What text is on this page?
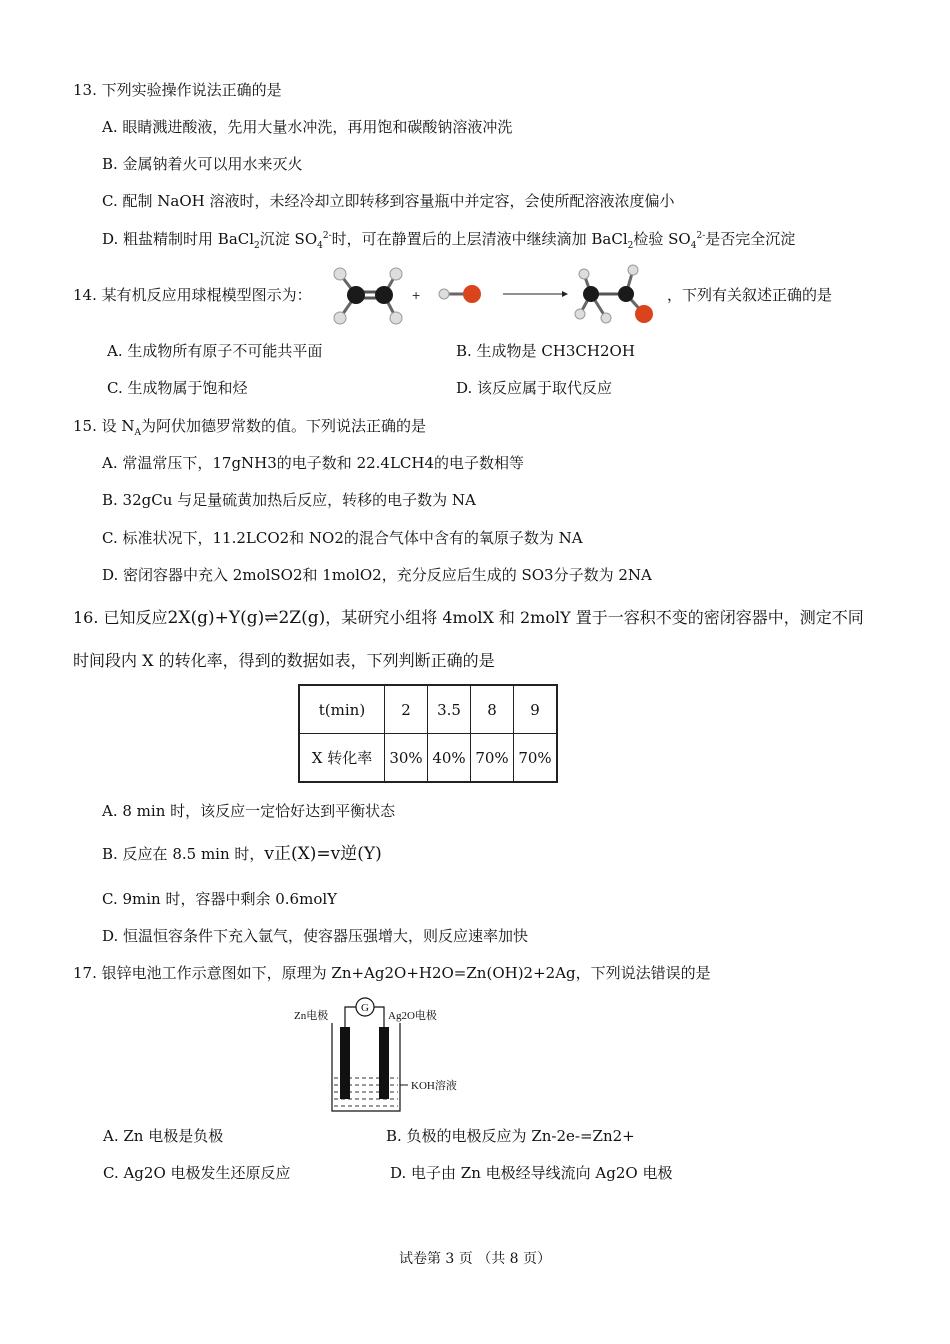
13. 下列实验操作说法正确的是
A. 眼睛溅进酸液，先用大量水冲洗，再用饱和碳酸钠溶液冲洗
B. 金属钠着火可以用水来灭火
C. 配制 NaOH 溶液时，未经冷却立即转移到容量瓶中并定容，会使所配溶液浓度偏小
D. 粗盐精制时用 BaCl$_2$沉淀 $SO_4^{2-}$时，可在静置后的上层清液中继续滴加 BaCl$_2$检验 $SO_4^{2-}$是否完全沉淀
14. 某有机反应用球棍模型图示为：	+	，下列有关叙述正确的是
A. 生成物所有原子不可能共平面	B. 生成物是 CH3CH2OH
C. 生成物属于饱和烃	D. 该反应属于取代反应
15. 设 $N_A$为阿伏加德罗常数的值。下列说法正确的是
A. 常温常压下，17gNH3的电子数和 22.4LCH4的电子数相等
B. 32gCu 与足量硫黄加热后反应，转移的电子数为 NA
C. 标准状况下，11.2LCO2和 NO2的混合气体中含有的氧原子数为 NA
D. 密闭容器中充入 2molSO2和 1molO2，充分反应后生成的 SO3分子数为 2NA
16. 已知反应2X(g)+Y(g)⇌2Z(g)，某研究小组将 4molX 和 2molY 置于一容积不变的密闭容器中，测定不同
时间段内 X 的转化率，得到的数据如表，下列判断正确的是
t(min)	2	3.5	8	9
X 转化率	30%	40%	70%	70%
A. 8 min 时，该反应一定恰好达到平衡状态
B. 反应在 8.5 min 时，v正(X)=v逆(Y)
C. 9min 时，容器中剩余 0.6molY
D. 恒温恒容条件下充入氩气，使容器压强增大，则反应速率加快
17. 银锌电池工作示意图如下，原理为 Zn+Ag2O+H2O=Zn(OH)2+2Ag，下列说法错误的是
Zn电极	Ag2O电极
G
KOH溶液
A. Zn 电极是负极	B. 负极的电极反应为 Zn-2e-=Zn2+
C. Ag2O 电极发生还原反应	D. 电子由 Zn 电极经导线流向 Ag2O 电极
试卷第 3 页 （共 8 页）
